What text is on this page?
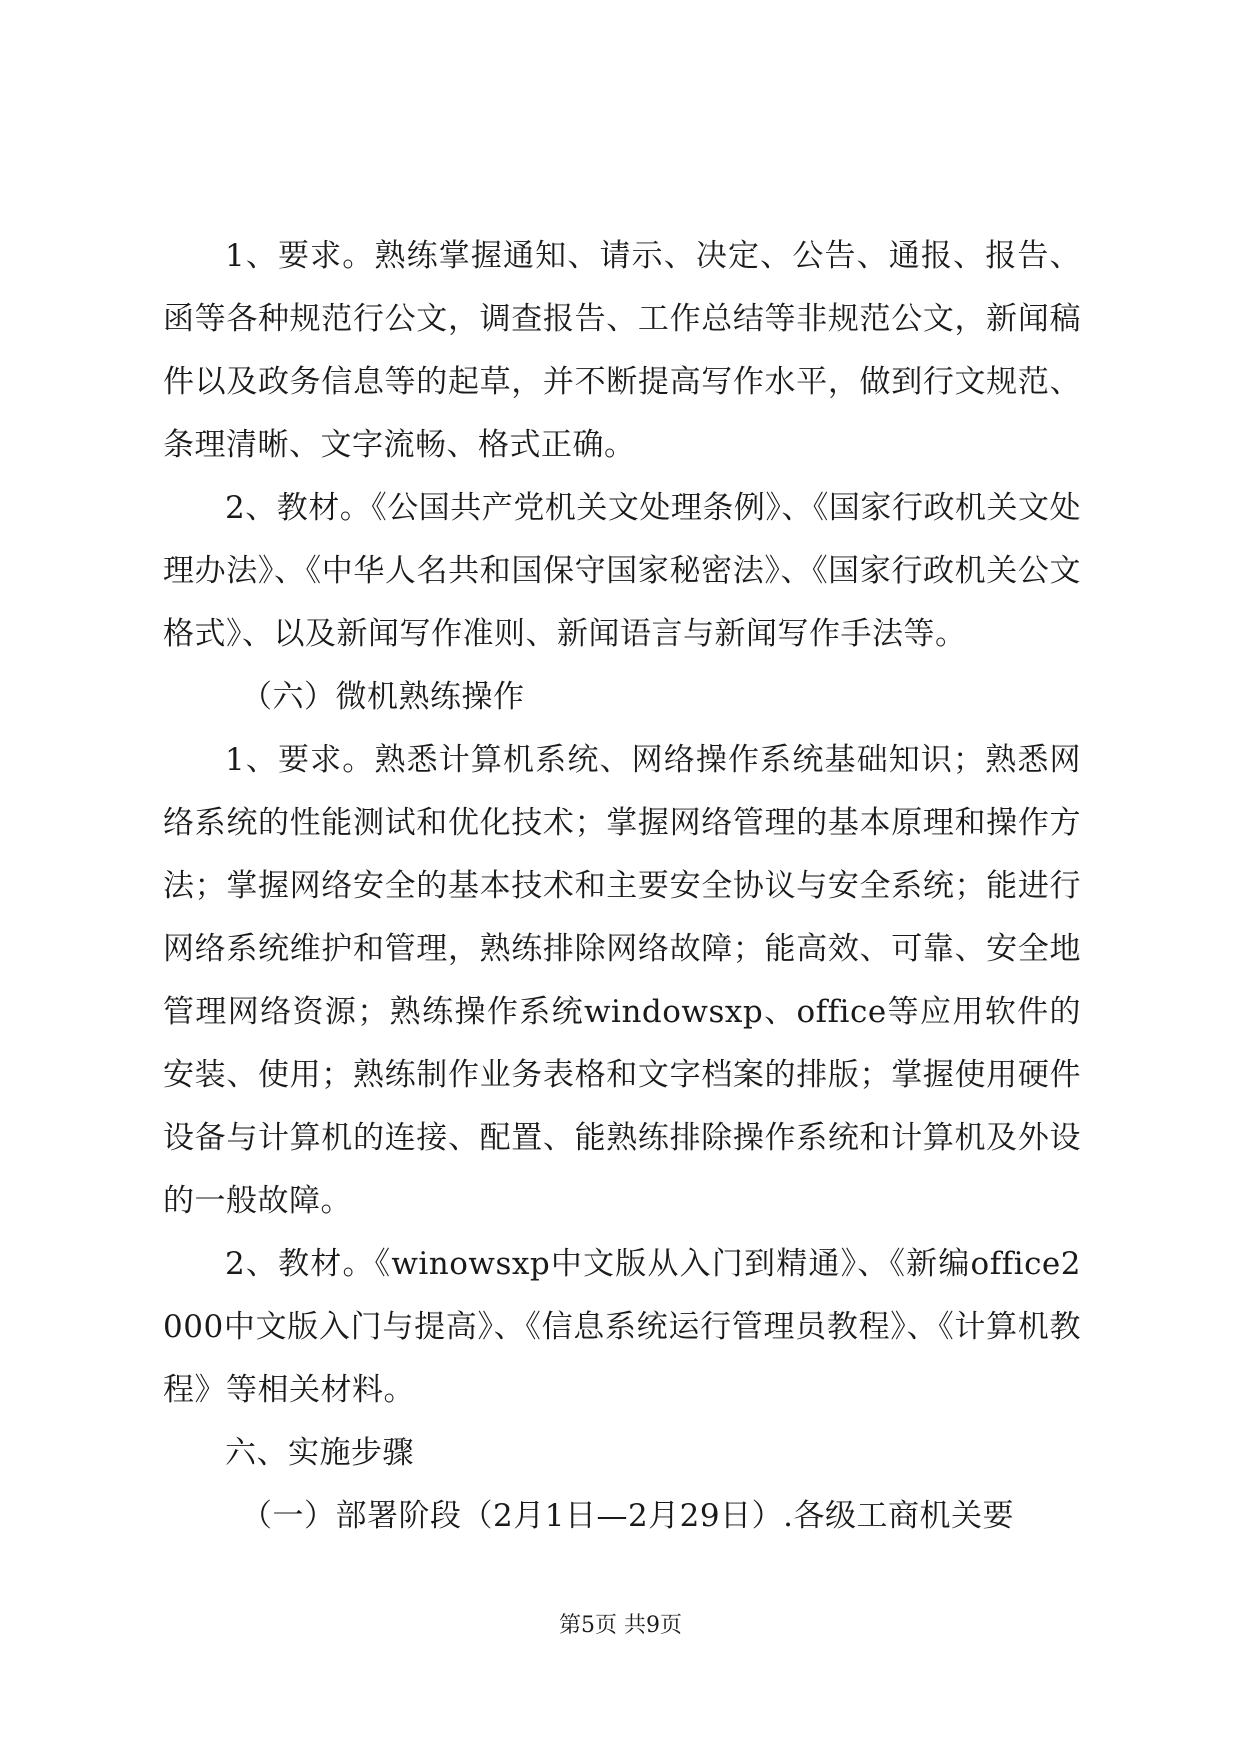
1、要求。熟练掌握通知、请示、决定、公告、通报、报告、函等各种规范行公文，调查报告、工作总结等非规范公文，新闻稿件以及政务信息等的起草，并不断提高写作水平，做到行文规范、条理清晰、文字流畅、格式正确。

2、教材。《公国共产党机关文处理条例》、《国家行政机关文处理办法》、《中华人名共和国保守国家秘密法》、《国家行政机关公文格式》、以及新闻写作准则、新闻语言与新闻写作手法等。

（六）微机熟练操作

1、要求。熟悉计算机系统、网络操作系统基础知识；熟悉网络系统的性能测试和优化技术；掌握网络管理的基本原理和操作方法；掌握网络安全的基本技术和主要安全协议与安全系统；能进行网络系统维护和管理，熟练排除网络故障；能高效、可靠、安全地管理网络资源；熟练操作系统windowsxp、office等应用软件的安装、使用；熟练制作业务表格和文字档案的排版；掌握使用硬件设备与计算机的连接、配置、能熟练排除操作系统和计算机及外设的一般故障。

2、教材。《winowsxp中文版从入门到精通》、《新编office2000中文版入门与提高》、《信息系统运行管理员教程》、《计算机教程》等相关材料。

六、实施步骤

（一）部署阶段（2月1日—2月29日）.各级工商机关要

第5页 共9页
